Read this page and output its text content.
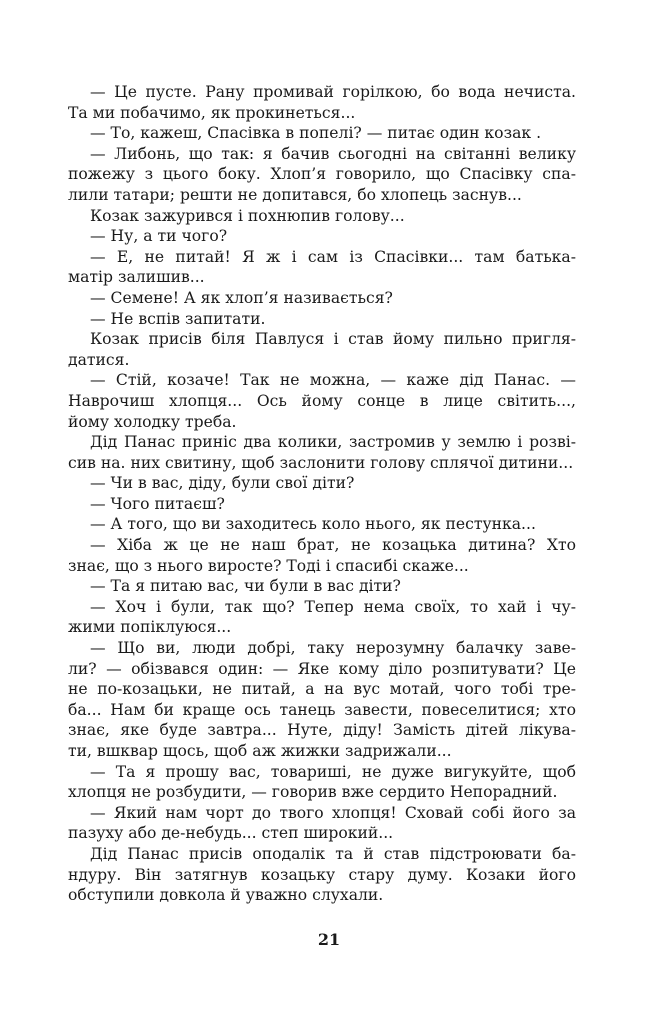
— Це пусте. Рану промивай горілкою, бо вода нечиста.
Та ми побачимо, як прокинеться...
— То, кажеш, Спасівка в попелі? — питає один козак .
— Либонь, що так: я бачив сьогодні на світанні велику
пожежу з цього боку. Хлоп’я говорило, що Спасівку спа-
лили татари; решти не допитався, бо хлопець заснув...
Козак зажурився і похнюпив голову...
— Ну, а ти чого?
— Е, не питай! Я ж і сам із Спасівки... там батька-
матір залишив...
— Семене! А як хлоп’я називається?
— Не вспів запитати.
Козак присів біля Павлуся і став йому пильно пригля-
датися.
— Стій, козаче! Так не можна, — каже дід Панас. —
Наврочиш хлопця... Ось йому сонце в лице світить...,
йому холодку треба.
Дід Панас приніс два колики, застромив у землю і розві-
сив на. них свитину, щоб заслонити голову сплячої дитини...
— Чи в вас, діду, були свої діти?
— Чого питаєш?
— А того, що ви заходитесь коло нього, як пестунка...
— Хіба ж це не наш брат, не козацька дитина? Хто
знає, що з нього виросте? Тоді і спасибі скаже...
— Та я питаю вас, чи були в вас діти?
— Хоч і були, так що? Тепер нема своїх, то хай і чу-
жими попіклуюся...
— Що ви, люди добрі, таку нерозумну балачку заве-
ли? — обізвався один: — Яке кому діло розпитувати? Це
не по-козацьки, не питай, а на вус мотай, чого тобі тре-
ба... Нам би краще ось танець завести, повеселитися; хто
знає, яке буде завтра... Нуте, діду! Замість дітей лікува-
ти, вшквар щось, щоб аж жижки задрижали...
— Та я прошу вас, товариші, не дуже вигукуйте, щоб
хлопця не розбудити, — говорив вже сердито Непорадний.
— Який нам чорт до твого хлопця! Сховай собі його за
пазуху або де-небудь... степ широкий...
Дід Панас присів оподалік та й став підстроювати ба-
ндуру. Він затягнув козацьку стару думу. Козаки його
обступили довкола й уважно слухали.
21
